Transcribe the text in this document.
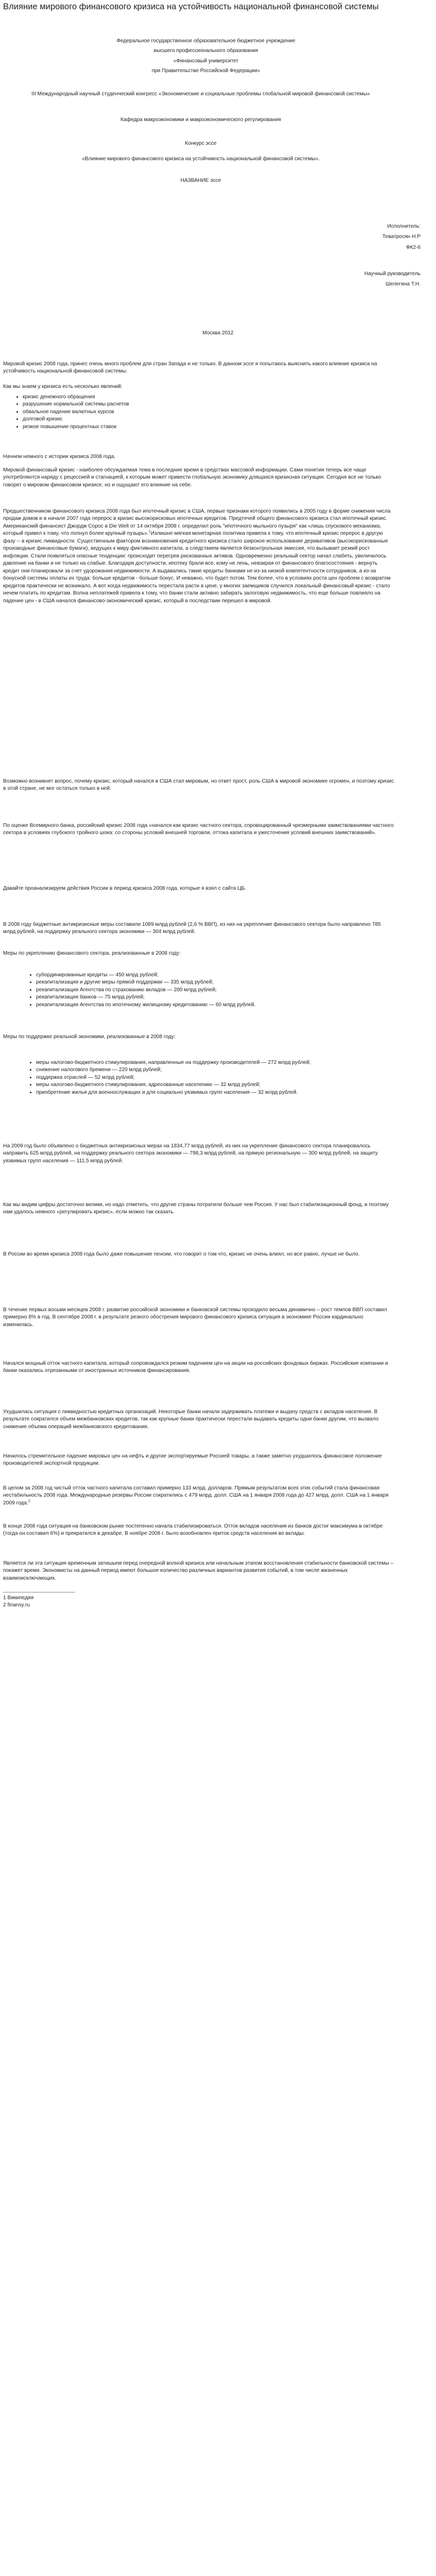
Влияние мирового финансового кризиса на устойчивость национальной финансовой системы
Федеральное государственное образовательное бюджетное учреждение
высшего профессионального образования
«Финансовый университет
при Правительстве Российской Федерации»
III Международный научный студенческий конгресс «Экономические и социальные проблемы глобальной мировой финансовой системы»
Кафедра макроэкономики и макроэкономического регулирования
Конкурс эссе
«Влияние мирового финансового кризиса на устойчивость национальной финансовой системы».
НАЗВАНИЕ эссе
Исполнитель:
Теватросян Н.Р
ФК2-6
Научный руководитель
Шелегина Т.Н.
Москва 2012

Мировой кризис 2008 года, принес очень много проблем для стран Запада и не только. В данном эссе я попытаюсь выяснить какого влияние кризиса на устойчивость национальной финансовой системы.

Как мы знаем у кризиса есть несколько явлений:

• кризис денежного обращения
• разрушение нормальной системы расчетов
• обвальное падение валютных курсов
• долговой кризис
• резкое повышение процентных ставок

Начнем немного с истории кризиса 2008 года.

Мировой финансовый кризис - наиболее обсуждаемая тема в последние время в средствах массовой информации. Сами понятия теперь все чаще употребляются наряду с рецессией и стагнацией, к которым может привести глобальную экономику длящаяся кризисная ситуация. Сегодня все не только говорят о мировом финансовом кризисе, но и ощущают его влияние на себе.

Предшественником финансового кризиса 2008 года был ипотечный кризис в США, первые признаки которого появились в 2005 году в форме снижения числа продаж домов и в начале 2007 года перерос в кризис высокорисковых ипотечных кредитов. Предтечей общего финансового кризиса стал ипотечный кризис. Американский финансист Джордж Сорос в Die Welt от 14 октября 2008 г. определил роль "ипотечного мыльного пузыря" как «лишь спускового механизма, который привел к тому, что лопнул более крупный пузырь».$^1$Излишне мягкая монетарная политика привела к тому, что ипотечный кризис перерос в другую фазу -- в кризис ликвидности. Существенным фактором возникновения кредитного кризиса стало широкое использование деривативов (высокорискованные производные финансовые бумаги), ведущих к миру фиктивного капитала, а следствием является безконтрольная эмиссия, что вызывает резкий рост инфляции. Стали появляться опасные тенденции: происходит перегрев рискованных активов. Одновременно реальный сектор начал слабеть, увеличилось давление на банки и не только на слабые. Благодаря доступности, ипотеку брали все, кому не лень, невзирая от финансового благосостояния - вернуть кредит они планировали за счет удорожания недвижимости. А выдавались такие кредиты банками не из-за низкой компетентности сотрудников, а из-за бонусной системы оплаты их труда: больше кредитов - больше бонус. И неважно, что будет потом. Тем более, что в условиях роста цен проблем с возвратом кредитов практически не возникало. А вот когда недвижимость перестала расти в цене, у многих заемщиков случился локальный финансовый кризис - стало нечем платить по кредитам. Волна неплатежей привела к тому, что банки стали активно забирать залоговую недвижимость, что еще больше повлияло на падение цен - в США начался финансово-экономический кризис, который в последствии перешел в мировой.

Возможно возникнет вопрос, почему кризис, который начался в США стал мировым, но ответ прост, роль США в мировой экономике огромен, и поэтому кризис в этой стране, не мог остаться только в ней.

По оценке Всемирного банка, российский кризис 2008 года «начался как кризис частного сектора, спровоцированный чрезмерными заимствованиями частного сектора в условиях глубокого тройного шока: со стороны условий внешней торговли, оттока капитала и ужесточения условий внешних заимствований».

Давайте проанализируем действия России в период кризиса 2008 года, которые я взял с сайта ЦБ.

В 2008 году бюджетные антикризисные меры составили 1089 млрд рублей (2,6 % ВВП), из них на укрепление финансового сектора было направлено 785 млрд рублей, на поддержку реального сектора экономики — 304 млрд рублей.

Меры по укреплению финансового сектора, реализованные в 2008 году:

• субординированные кредиты — 450 млрд рублей;
• рекапитализация и другие меры прямой поддержки — 335 млрд рублей;
• рекапитализация Агентства по страхованию вкладов — 200 млрд рублей;
• рекапитализация банков — 75 млрд рублей;
• рекапитализация Агентства по ипотечному жилищному кредитованию — 60 млрд рублей.

Меры по поддержке реальной экономики, реализованные в 2008 году:

• меры налогово-бюджетного стимулирования, направленные на поддержку производителей — 272 млрд рублей;
• снижение налогового бремени — 220 млрд рублей;
• поддержка отраслей — 52 млрд рублей;
• меры налогово-бюджетного стимулирования, адресованные населению — 32 млрд рублей;
• приобретение жилья для военнослужащих и для социально уязвимых групп населения — 32 млрд рублей.

На 2009 год было объявлено о бюджетных антикризисных мерах на 1834,77 млрд рублей, из них на укрепление финансового сектора планировалось направить 625 млрд рублей, на поддержку реального сектора экономики — 798,3 млрд рублей, на прямую региональную — 300 млрд рублей, на защиту уязвимых групп населения — 111,5 млрд рублей.

Как мы видим цифры достаточно велики, но надо отметить, что другие страны потратили больше чем Россия. У нас был стабилизационный фонд, и поэтому нам удалось немного «регулировать кризис», если можно так сказать.

В России во время кризиса 2008 года было даже повышение пенсии, что говорит о том что, кризис не очень влиял, но все равно, лучше не было.

В течение первых восьми месяцев 2008 г. развитие российской экономики и банковской системы проходило весьма динамично – рост темпов ВВП составил примерно 8% в год. В сентябре 2008 г. в результате резкого обострения мирового финансового кризиса ситуация в экономике России кардинально изменилась.

Начался мощный отток частного капитала, который сопровождался резким падением цен на акции на российских фондовых биржах. Российские компании и банки оказались отрезанными от иностранных источников финансирования.

Ухудшилась ситуация с ликвидностью кредитных организаций. Некоторые банки начали задерживать платежи и выдачу средств с вкладов населения. В результате сократился объем межбанковских кредитов, так как крупные банки практически перестали выдавать кредиты одни банки другим, что вызвало снижение объема операций межбанковского кредитования.

Начилось стремительное падение мировых цен на нефть и другие экспортируемые Россией товары, а также заметно ухудшилось финансовое положение производителей экспортной продукции.

В целом за 2008 год чистый отток частного капитала составил примерно 133 млрд. долларов. Прямым результатом всех этих событий стала финансовая нестабильность 2008 года. Международные резервы России сократились с 479 млрд. долл. США на 1 января 2008 года до 427 млрд. долл. США на 1 января 2009 года.$^2$

В конце 2008 года ситуация на банковском рынке постепенно начала стабилизироваться. Отток вкладов населения из банков достиг максимума в октябре (тогда он составил 6%) и прекратился в декабре. В ноябре 2008 г. было возобновлен приток средств населения во вклады.

Является ли эта ситуация временным затишьем перед очередной волной кризиса или начальным этапом восстановления стабильности банковской системы – покажет время. Экономисты на данный период имеют большое количество различных вариантов развития событий, в том числе жизненных взаимоисключающих.

1 Википедия
2 finansy.ru
